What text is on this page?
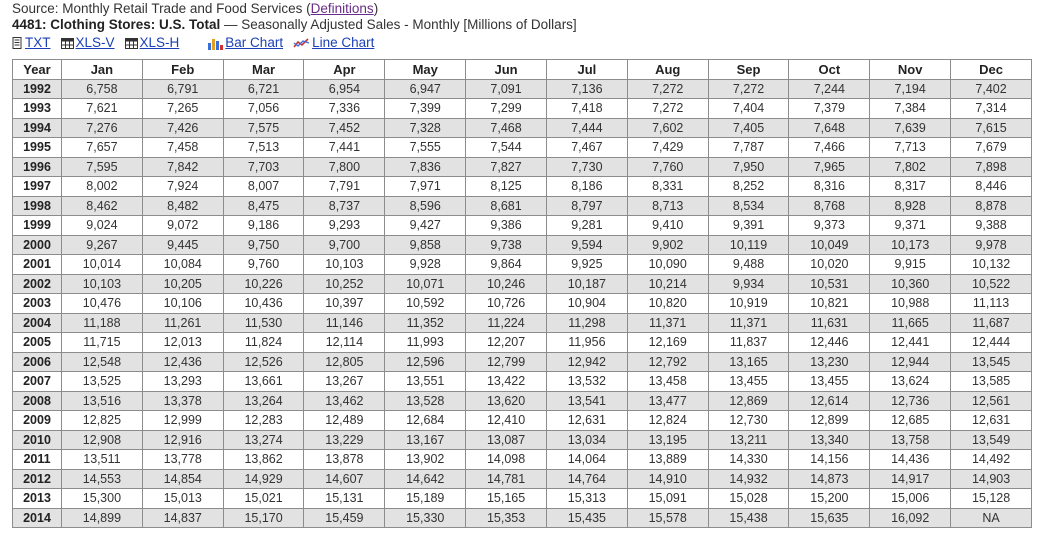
Source: Monthly Retail Trade and Food Services (Definitions)
4481: Clothing Stores: U.S. Total — Seasonally Adjusted Sales - Monthly [Millions of Dollars]
TXT XLS-V XLS-H	Bar Chart Line Chart
Year	Jan	Feb	Mar	Apr	May	Jun	Jul	Aug	Sep	Oct	Nov	Dec
1992	6,758	6,791	6,721	6,954	6,947	7,091	7,136	7,272	7,272	7,244	7,194	7,402
1993	7,621	7,265	7,056	7,336	7,399	7,299	7,418	7,272	7,404	7,379	7,384	7,314
1994	7,276	7,426	7,575	7,452	7,328	7,468	7,444	7,602	7,405	7,648	7,639	7,615
1995	7,657	7,458	7,513	7,441	7,555	7,544	7,467	7,429	7,787	7,466	7,713	7,679
1996	7,595	7,842	7,703	7,800	7,836	7,827	7,730	7,760	7,950	7,965	7,802	7,898
1997	8,002	7,924	8,007	7,791	7,971	8,125	8,186	8,331	8,252	8,316	8,317	8,446
1998	8,462	8,482	8,475	8,737	8,596	8,681	8,797	8,713	8,534	8,768	8,928	8,878
1999	9,024	9,072	9,186	9,293	9,427	9,386	9,281	9,410	9,391	9,373	9,371	9,388
2000	9,267	9,445	9,750	9,700	9,858	9,738	9,594	9,902	10,119	10,049	10,173	9,978
2001	10,014	10,084	9,760	10,103	9,928	9,864	9,925	10,090	9,488	10,020	9,915	10,132
2002	10,103	10,205	10,226	10,252	10,071	10,246	10,187	10,214	9,934	10,531	10,360	10,522
2003	10,476	10,106	10,436	10,397	10,592	10,726	10,904	10,820	10,919	10,821	10,988	11,113
2004	11,188	11,261	11,530	11,146	11,352	11,224	11,298	11,371	11,371	11,631	11,665	11,687
2005	11,715	12,013	11,824	12,114	11,993	12,207	11,956	12,169	11,837	12,446	12,441	12,444
2006	12,548	12,436	12,526	12,805	12,596	12,799	12,942	12,792	13,165	13,230	12,944	13,545
2007	13,525	13,293	13,661	13,267	13,551	13,422	13,532	13,458	13,455	13,455	13,624	13,585
2008	13,516	13,378	13,264	13,462	13,528	13,620	13,541	13,477	12,869	12,614	12,736	12,561
2009	12,825	12,999	12,283	12,489	12,684	12,410	12,631	12,824	12,730	12,899	12,685	12,631
2010	12,908	12,916	13,274	13,229	13,167	13,087	13,034	13,195	13,211	13,340	13,758	13,549
2011	13,511	13,778	13,862	13,878	13,902	14,098	14,064	13,889	14,330	14,156	14,436	14,492
2012	14,553	14,854	14,929	14,607	14,642	14,781	14,764	14,910	14,932	14,873	14,917	14,903
2013	15,300	15,013	15,021	15,131	15,189	15,165	15,313	15,091	15,028	15,200	15,006	15,128
2014	14,899	14,837	15,170	15,459	15,330	15,353	15,435	15,578	15,438	15,635	16,092	NA
